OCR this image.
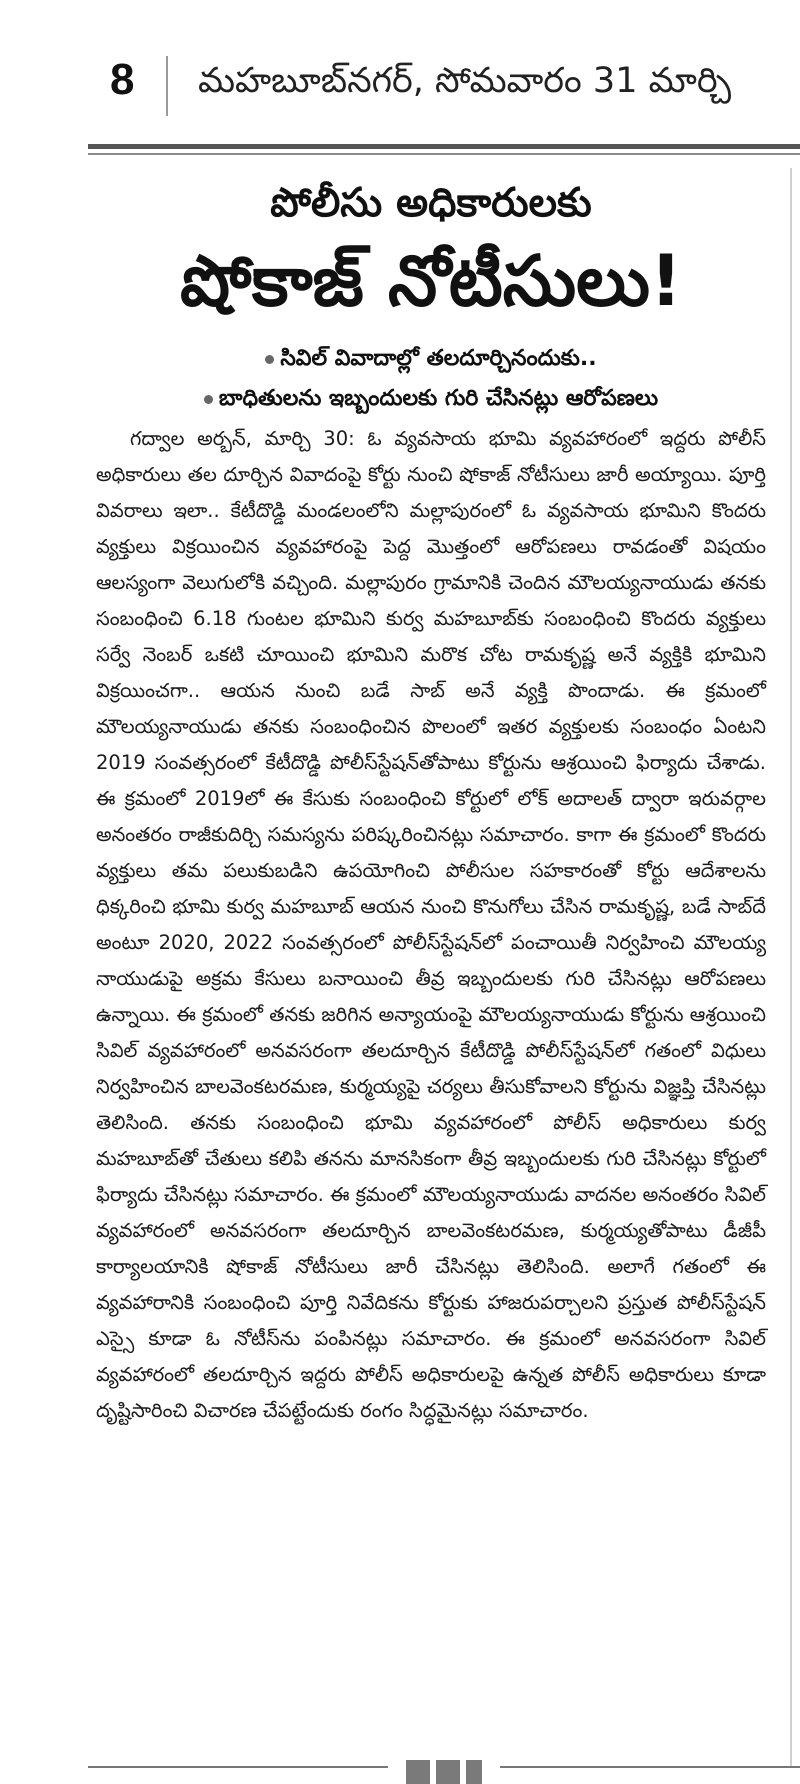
8 మహబూబ్‌నగర్, సోమవారం 31 మార్చి
పోలీసు అధికారులకు
షోకాజ్ నోటీసులు!
సివిల్ వివాదాల్లో తలదూర్చినందుకు..
బాధితులను ఇబ్బందులకు గురి చేసినట్లు ఆరోపణలు

గద్వాల అర్బన్, మార్చి 30: ఓ వ్యవసాయ భూమి వ్యవహారంలో ఇద్దరు పోలీస్ అధికారులు తల దూర్చిన వివాదంపై కోర్టు నుంచి షోకాజ్ నోటీసులు జారీ అయ్యాయి. పూర్తి వివరాలు ఇలా.. కేటీదొడ్డి మండలంలోని మల్లాపురంలో ఓ వ్యవసాయ భూమిని కొందరు వ్యక్తులు విక్రయించిన వ్యవహారంపై పెద్ద మొత్తంలో ఆరోపణలు రావడంతో విషయం ఆలస్యంగా వెలుగులోకి వచ్చింది. మల్లాపురం గ్రామానికి చెందిన మౌలయ్యనాయుడు తనకు సంబంధించి 6.18 గుంటల భూమిని కుర్వ మహబూబ్‌కు సంబంధించి కొందరు వ్యక్తులు సర్వే నెంబర్ ఒకటి చూయించి భూమిని మరొక చోట రామకృష్ణ అనే వ్యక్తికి భూమిని విక్రయించగా.. ఆయన నుంచి బడే సాబ్ అనే వ్యక్తి పొందాడు. ఈ క్రమంలో మౌలయ్యనాయుడు తనకు సంబంధించిన పొలంలో ఇతర వ్యక్తులకు సంబంధం ఏంటని 2019 సంవత్సరంలో కేటీదొడ్డి పోలీస్‌స్టేషన్‌తోపాటు కోర్టును ఆశ్రయించి ఫిర్యాదు చేశాడు. ఈ క్రమంలో 2019లో ఈ కేసుకు సంబంధించి కోర్టులో లోక్ అదాలత్ ద్వారా ఇరువర్గాల అనంతరం రాజీకుదిర్చి సమస్యను పరిష్కరించినట్లు సమాచారం. కాగా ఈ క్రమంలో కొందరు వ్యక్తులు తమ పలుకుబడిని ఉపయోగించి పోలీసుల సహకారంతో కోర్టు ఆదేశాలను ధిక్కరించి భూమి కుర్వ మహబూబ్ ఆయన నుంచి కొనుగోలు చేసిన రామకృష్ణ, బడే సాబ్‌దే అంటూ 2020, 2022 సంవత్సరంలో పోలీస్‌స్టేషన్‌లో పంచాయితీ నిర్వహించి మౌలయ్య నాయుడుపై అక్రమ కేసులు బనాయించి తీవ్ర ఇబ్బందులకు గురి చేసినట్లు ఆరోపణలు ఉన్నాయి. ఈ క్రమంలో తనకు జరిగిన అన్యాయంపై మౌలయ్యనాయుడు కోర్టును ఆశ్రయించి సివిల్ వ్యవహారంలో అనవసరంగా తలదూర్చిన కేటీదొడ్డి పోలీస్‌స్టేషన్‌లో గతంలో విధులు నిర్వహించిన బాలవెంకటరమణ, కుర్మయ్యపై చర్యలు తీసుకోవాలని కోర్టును విజ్ఞప్తి చేసినట్లు తెలిసింది. తనకు సంబంధించి భూమి వ్యవహారంలో పోలీస్ అధికారులు కుర్వ మహబూబ్‌తో చేతులు కలిపి తనను మానసికంగా తీవ్ర ఇబ్బందులకు గురి చేసినట్లు కోర్టులో ఫిర్యాదు చేసినట్లు సమాచారం. ఈ క్రమంలో మౌలయ్యనాయుడు వాదనల అనంతరం సివిల్ వ్యవహారంలో అనవసరంగా తలదూర్చిన బాలవెంకటరమణ, కుర్మయ్యతోపాటు డీజీపీ కార్యాలయానికి షోకాజ్ నోటీసులు జారీ చేసినట్లు తెలిసింది. అలాగే గతంలో ఈ వ్యవహారానికి సంబంధించి పూర్తి నివేదికను కోర్టుకు హాజరుపర్చాలని ప్రస్తుత పోలీస్‌స్టేషన్ ఎస్సై కూడా ఓ నోటీస్‌ను పంపినట్లు సమాచారం. ఈ క్రమంలో అనవసరంగా సివిల్ వ్యవహారంలో తలదూర్చిన ఇద్దరు పోలీస్ అధికారులపై ఉన్నత పోలీస్ అధికారులు కూడా దృష్టిసారించి విచారణ చేపట్టేందుకు రంగం సిద్ధమైనట్లు సమాచారం.
